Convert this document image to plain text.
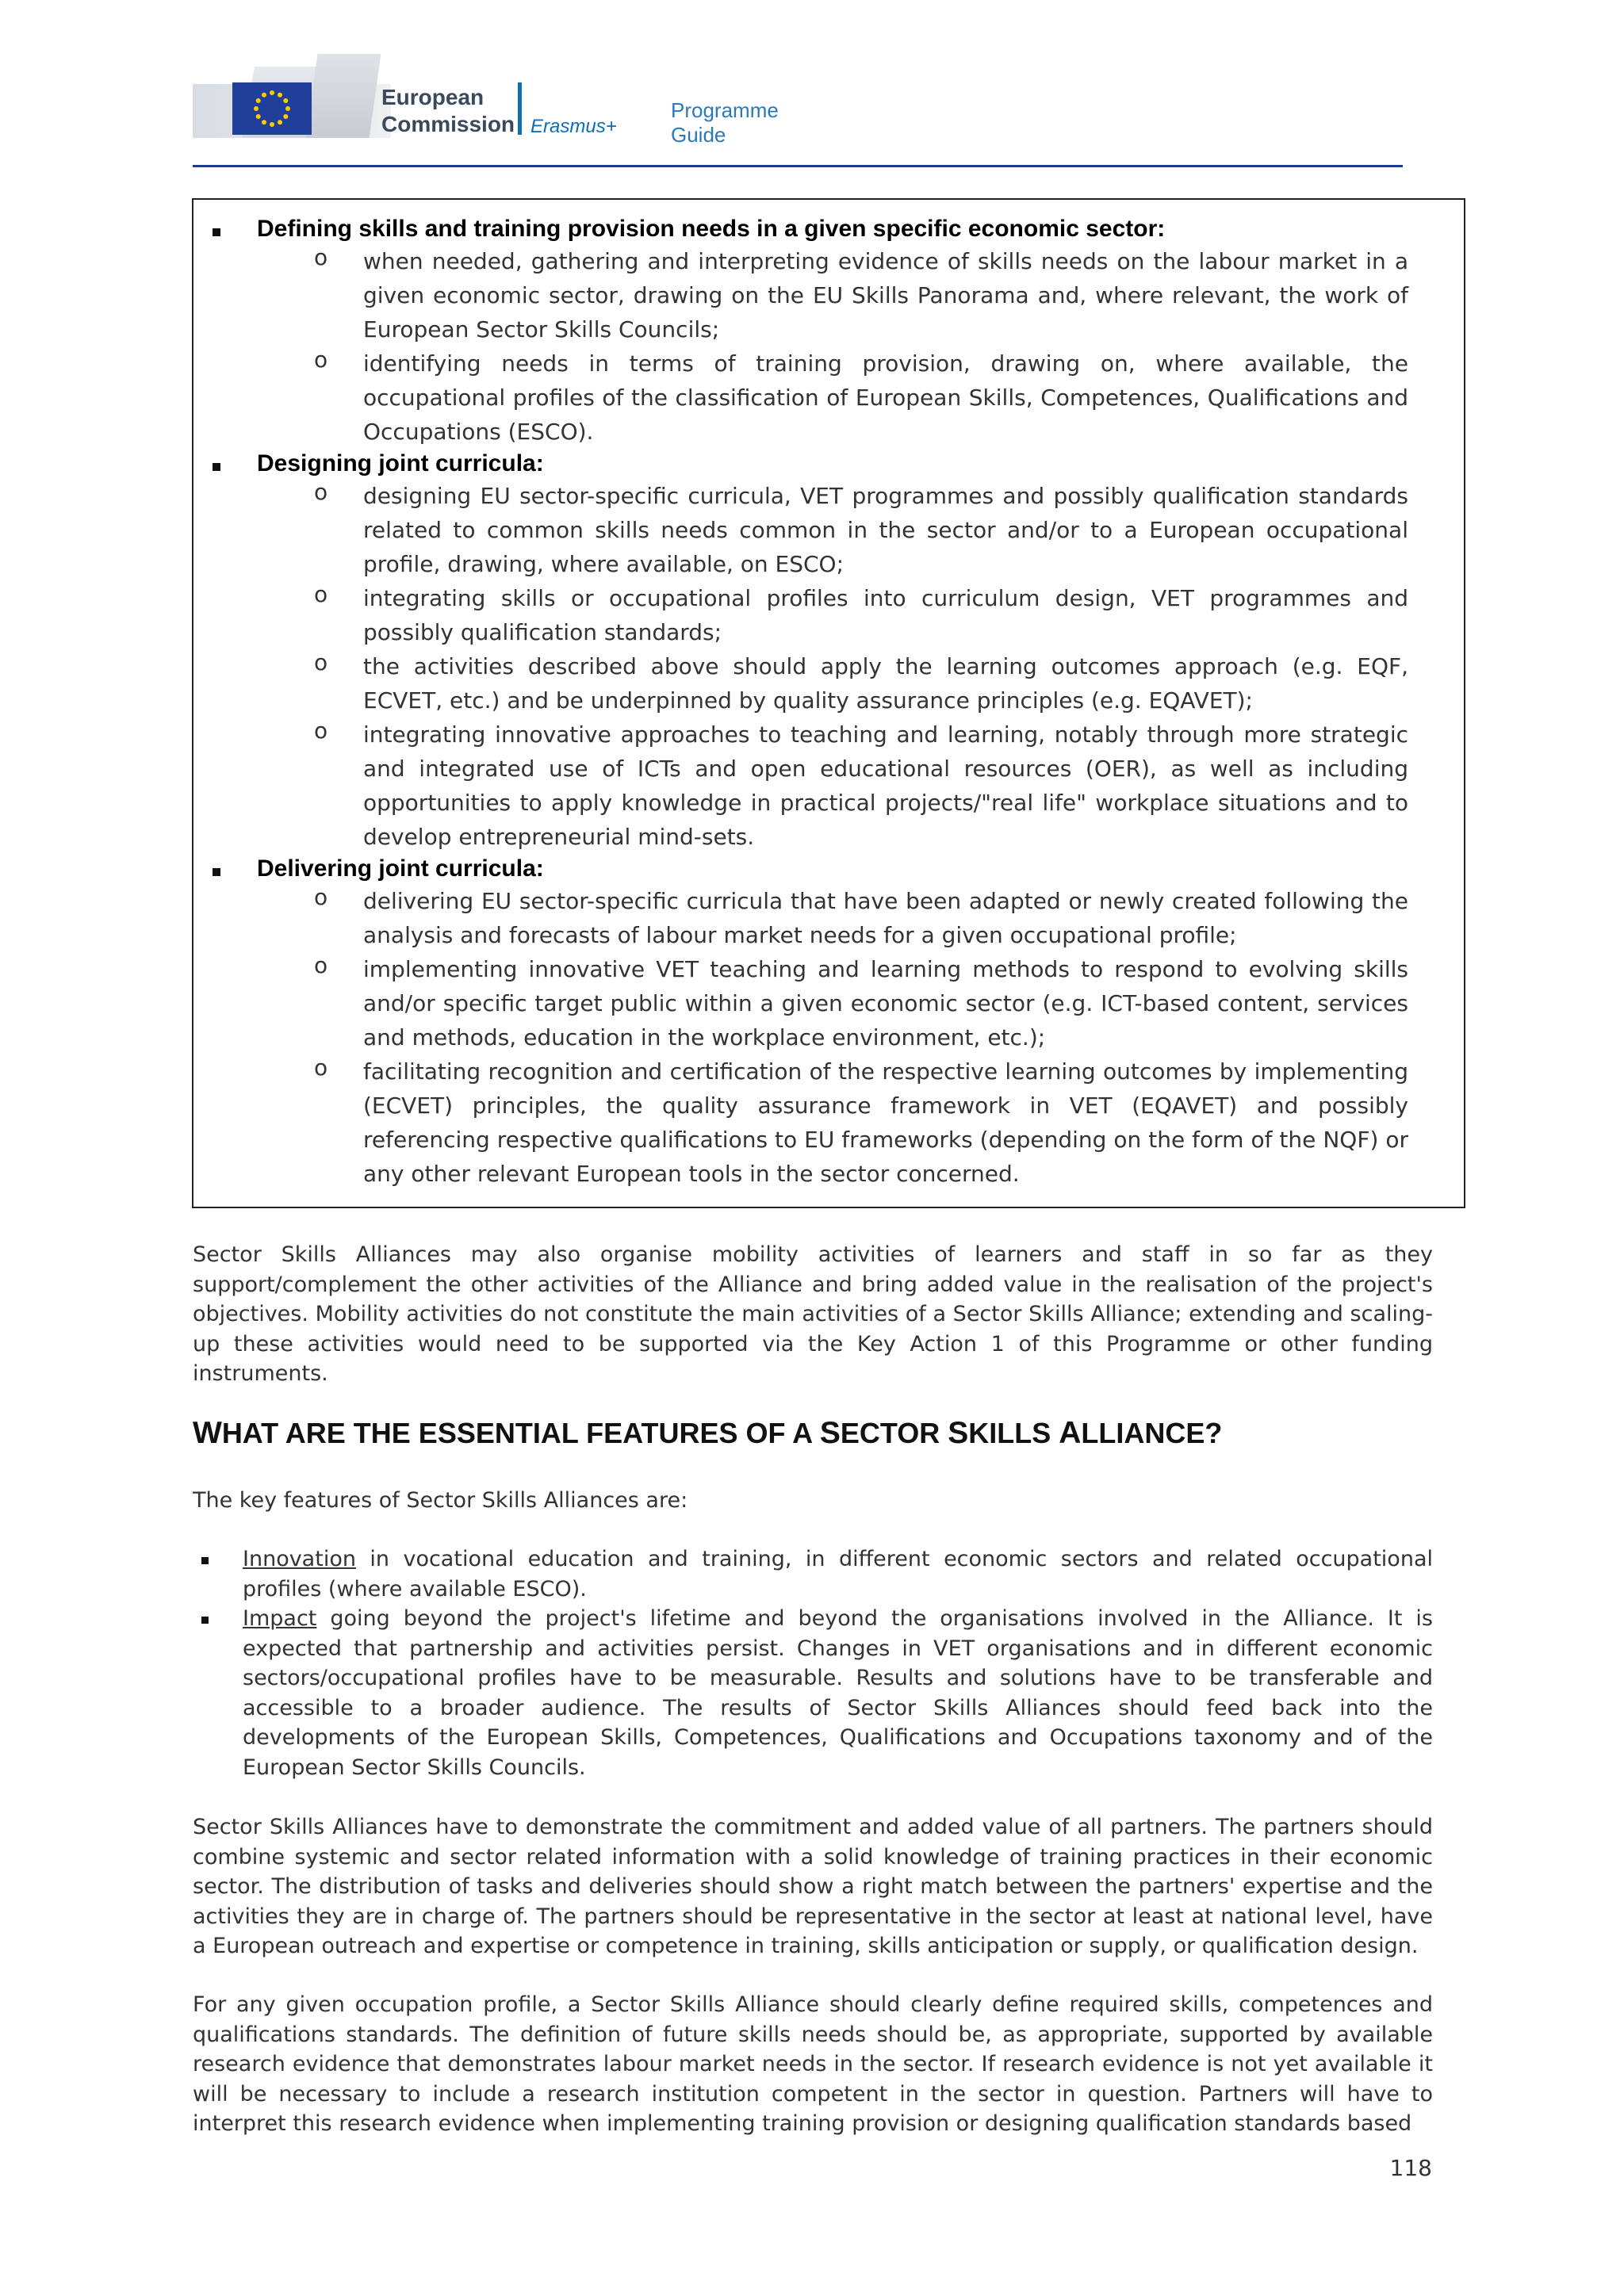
European
Commission Erasmus+
Programme
Guide
Defining skills and training provision needs in a given specific economic sector:
o when needed, gathering and interpreting evidence of skills needs on the labour market in a given economic sector, drawing on the EU Skills Panorama and, where relevant, the work of European Sector Skills Councils;
o identifying needs in terms of training provision, drawing on, where available, the occupational profiles of the classification of European Skills, Competences, Qualifications and Occupations (ESCO).
Designing joint curricula:
o designing EU sector-specific curricula, VET programmes and possibly qualification standards related to common skills needs common in the sector and/or to a European occupational profile, drawing, where available, on ESCO;
o integrating skills or occupational profiles into curriculum design, VET programmes and possibly qualification standards;
o the activities described above should apply the learning outcomes approach (e.g. EQF, ECVET, etc.) and be underpinned by quality assurance principles (e.g. EQAVET);
o integrating innovative approaches to teaching and learning, notably through more strategic and integrated use of ICTs and open educational resources (OER), as well as including opportunities to apply knowledge in practical projects/"real life" workplace situations and to develop entrepreneurial mind-sets.
Delivering joint curricula:
o delivering EU sector-specific curricula that have been adapted or newly created following the analysis and forecasts of labour market needs for a given occupational profile;
o implementing innovative VET teaching and learning methods to respond to evolving skills and/or specific target public within a given economic sector (e.g. ICT-based content, services and methods, education in the workplace environment, etc.);
o facilitating recognition and certification of the respective learning outcomes by implementing (ECVET) principles, the quality assurance framework in VET (EQAVET) and possibly referencing respective qualifications to EU frameworks (depending on the form of the NQF) or any other relevant European tools in the sector concerned.
Sector Skills Alliances may also organise mobility activities of learners and staff in so far as they support/complement the other activities of the Alliance and bring added value in the realisation of the project's objectives. Mobility activities do not constitute the main activities of a Sector Skills Alliance; extending and scaling-up these activities would need to be supported via the Key Action 1 of this Programme or other funding instruments.
WHAT ARE THE ESSENTIAL FEATURES OF A SECTOR SKILLS ALLIANCE?
The key features of Sector Skills Alliances are:
Innovation in vocational education and training, in different economic sectors and related occupational profiles (where available ESCO).
Impact going beyond the project's lifetime and beyond the organisations involved in the Alliance. It is expected that partnership and activities persist. Changes in VET organisations and in different economic sectors/occupational profiles have to be measurable. Results and solutions have to be transferable and accessible to a broader audience. The results of Sector Skills Alliances should feed back into the developments of the European Skills, Competences, Qualifications and Occupations taxonomy and of the European Sector Skills Councils.
Sector Skills Alliances have to demonstrate the commitment and added value of all partners. The partners should combine systemic and sector related information with a solid knowledge of training practices in their economic sector. The distribution of tasks and deliveries should show a right match between the partners' expertise and the activities they are in charge of. The partners should be representative in the sector at least at national level, have a European outreach and expertise or competence in training, skills anticipation or supply, or qualification design.
For any given occupation profile, a Sector Skills Alliance should clearly define required skills, competences and qualifications standards. The definition of future skills needs should be, as appropriate, supported by available research evidence that demonstrates labour market needs in the sector. If research evidence is not yet available it will be necessary to include a research institution competent in the sector in question. Partners will have to interpret this research evidence when implementing training provision or designing qualification standards based
118
